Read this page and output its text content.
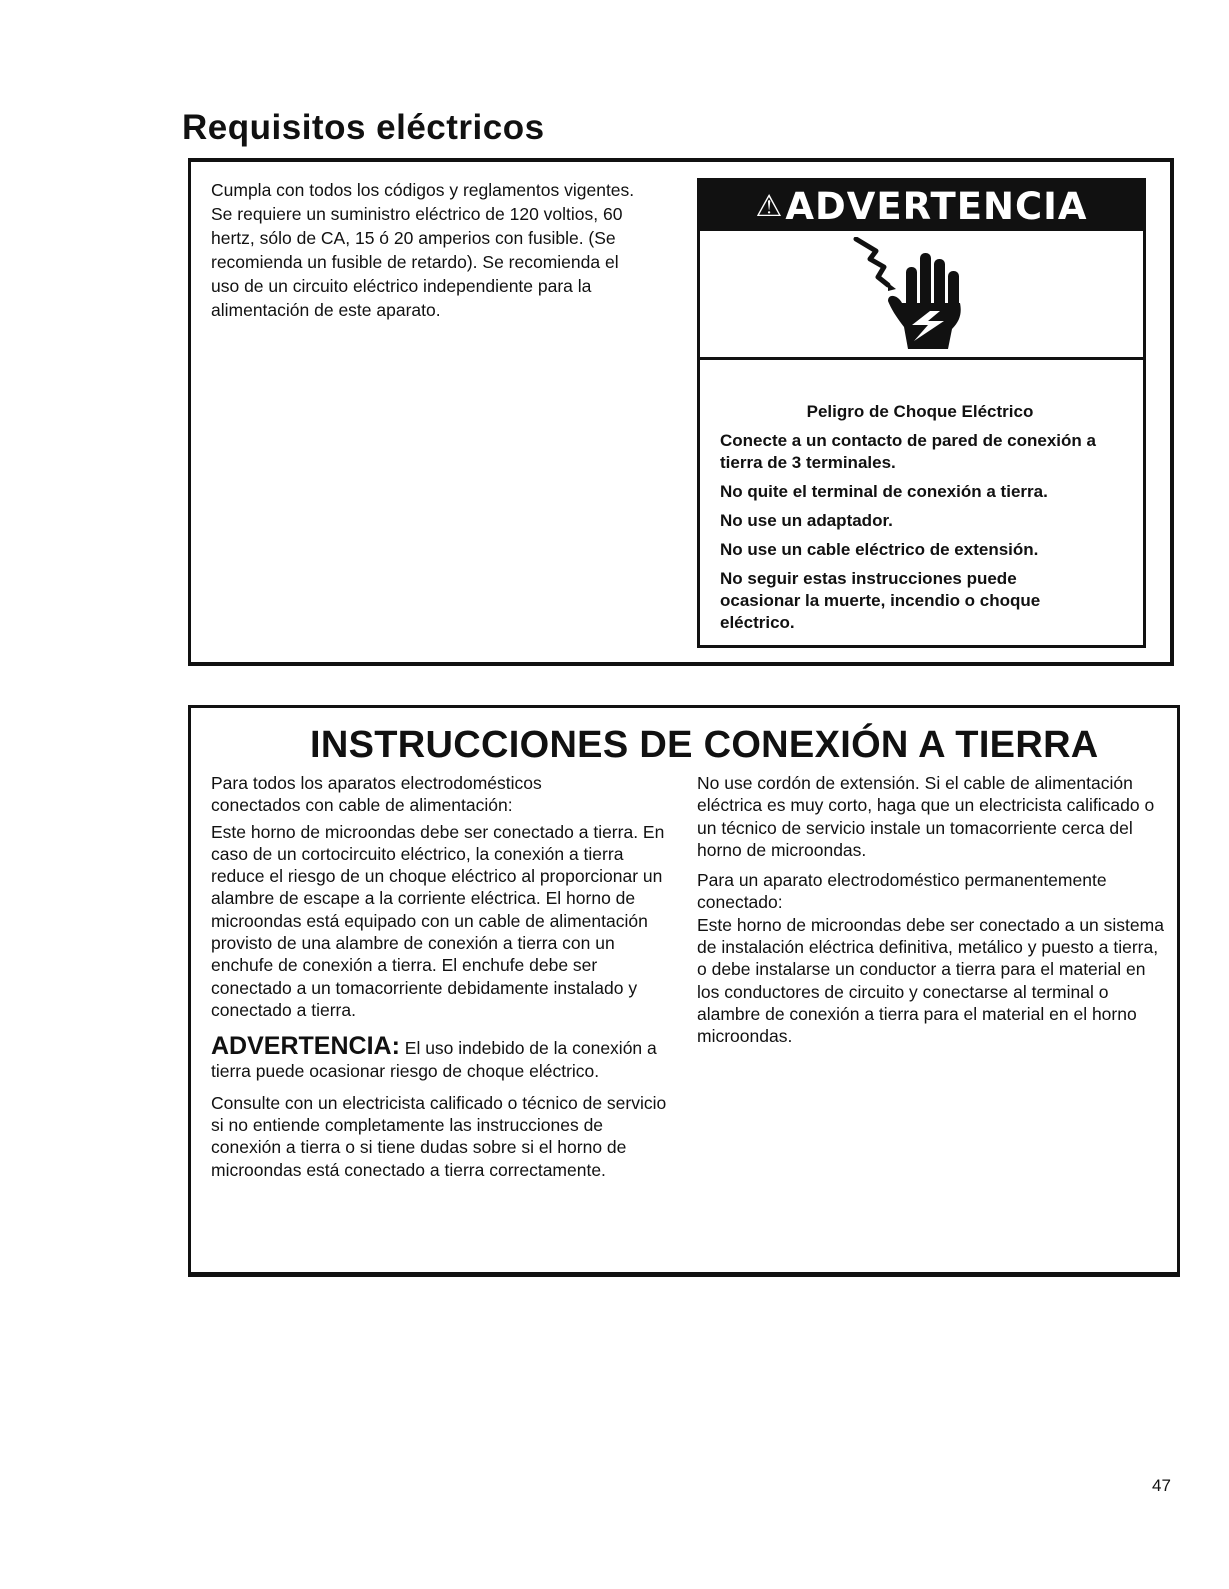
Requisitos eléctricos

Cumpla con todos los códigos y reglamentos vigentes. Se requiere un suministro eléctrico de 120 voltios, 60 hertz, sólo de CA, 15 ó 20 amperios con fusible. (Se recomienda un fusible de retardo). Se recomienda el uso de un circuito eléctrico independiente para la alimentación de este aparato.

⚠ ADVERTENCIA

Peligro de Choque Eléctrico

Conecte a un contacto de pared de conexión a tierra de 3 terminales.

No quite el terminal de conexión a tierra.

No use un adaptador.

No use un cable eléctrico de extensión.

No seguir estas instrucciones puede ocasionar la muerte, incendio o choque eléctrico.

INSTRUCCIONES DE CONEXIÓN A TIERRA

Para todos los aparatos electrodomésticos conectados con cable de alimentación:

Este horno de microondas debe ser conectado a tierra. En caso de un cortocircuito eléctrico, la conexión a tierra reduce el riesgo de un choque eléctrico al proporcionar un alambre de escape a la corriente eléctrica. El horno de microondas está equipado con un cable de alimentación provisto de una alambre de conexión a tierra con un enchufe de conexión a tierra. El enchufe debe ser conectado a un tomacorriente debidamente instalado y conectado a tierra.

ADVERTENCIA: El uso indebido de la conexión a tierra puede ocasionar riesgo de choque eléctrico.

Consulte con un electricista calificado o técnico de servicio si no entiende completamente las instrucciones de conexión a tierra o si tiene dudas sobre si el horno de microondas está conectado a tierra correctamente.

No use cordón de extensión. Si el cable de alimentación eléctrica es muy corto, haga que un electricista calificado o un técnico de servicio instale un tomacorriente cerca del horno de microondas.

Para un aparato electrodoméstico permanentemente conectado:

Este horno de microondas debe ser conectado a un sistema de instalación eléctrica definitiva, metálico y puesto a tierra, o debe instalarse un conductor a tierra para el material en los conductores de circuito y conectarse al terminal o alambre de conexión a tierra para el material en el horno microondas.

47
